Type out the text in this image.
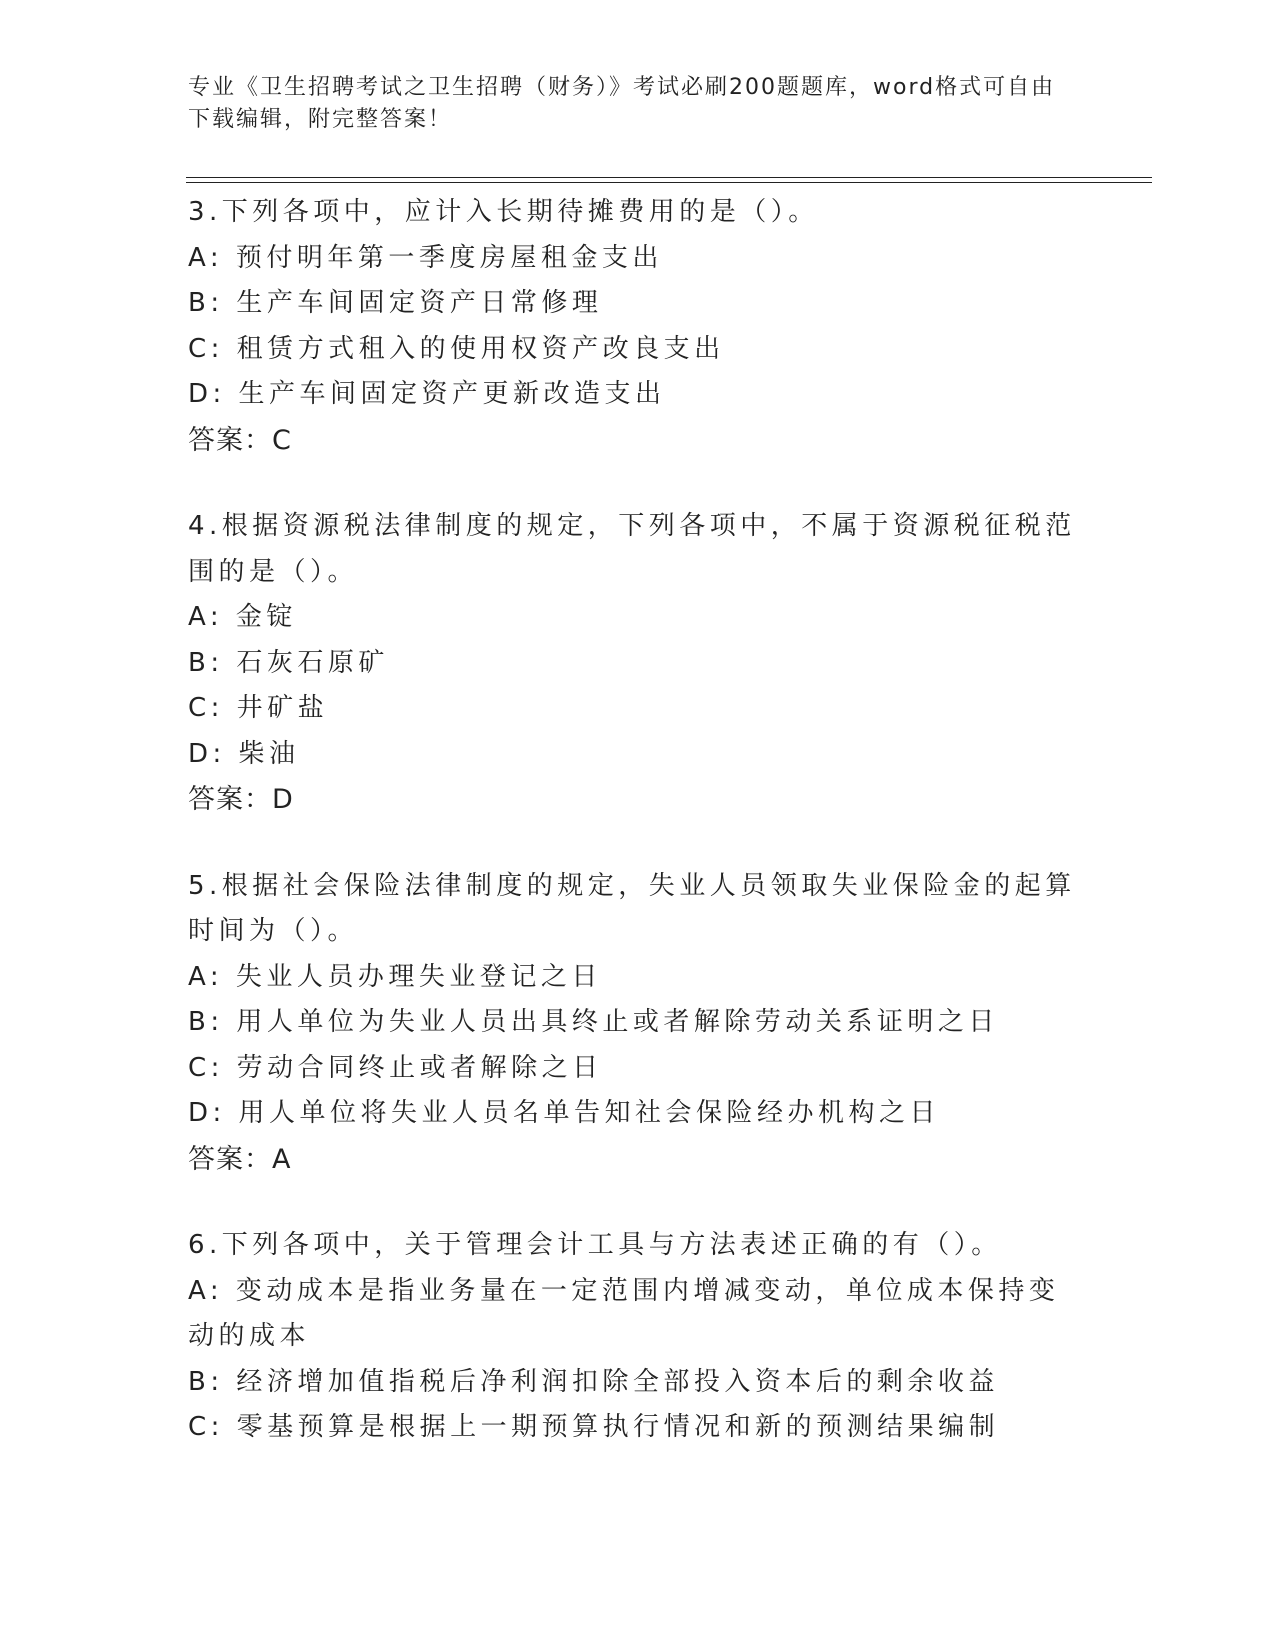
专业《卫生招聘考试之卫生招聘（财务）》考试必刷200题题库，word格式可自由下载编辑，附完整答案！
3.下列各项中，应计入长期待摊费用的是（）。
A: 预付明年第一季度房屋租金支出
B: 生产车间固定资产日常修理
C: 租赁方式租入的使用权资产改良支出
D: 生产车间固定资产更新改造支出
答案：C
4.根据资源税法律制度的规定，下列各项中，不属于资源税征税范围的是（）。
A: 金锭
B: 石灰石原矿
C: 井矿盐
D: 柴油
答案：D
5.根据社会保险法律制度的规定，失业人员领取失业保险金的起算时间为（）。
A: 失业人员办理失业登记之日
B: 用人单位为失业人员出具终止或者解除劳动关系证明之日
C: 劳动合同终止或者解除之日
D: 用人单位将失业人员名单告知社会保险经办机构之日
答案：A
6.下列各项中，关于管理会计工具与方法表述正确的有（）。
A: 变动成本是指业务量在一定范围内增减变动，单位成本保持变动的成本
B: 经济增加值指税后净利润扣除全部投入资本后的剩余收益
C: 零基预算是根据上一期预算执行情况和新的预测结果编制
